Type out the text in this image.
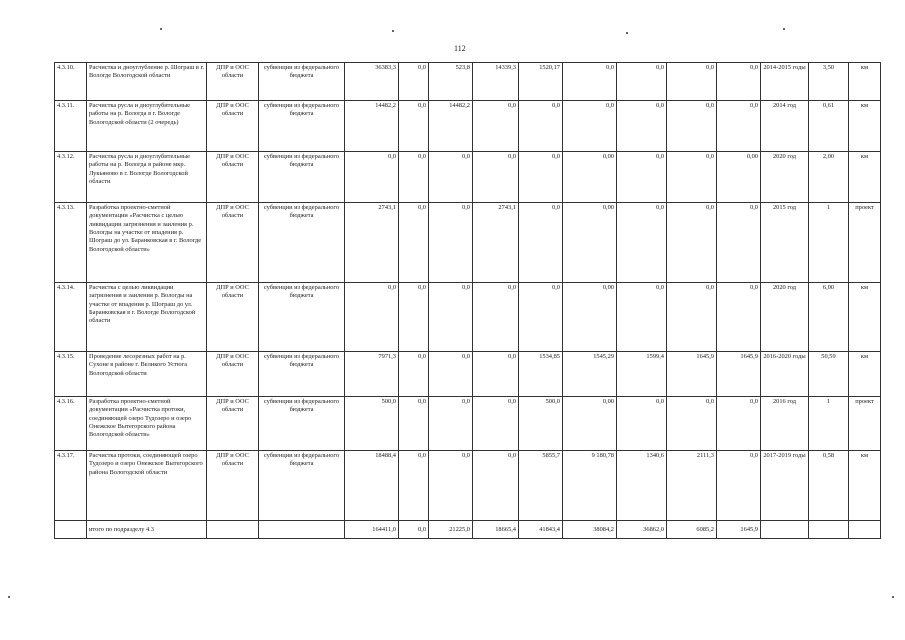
112
4.3.10.	Расчистка и дноуглубление р. Шограш в г. Вологде Вологодской области	ДПР и ООС области	субвенции из федерального бюджета	36383,3	0,0	523,8	14339,3	1520,17	0,0	0,0	0,0	0,0	2014-2015 годы	3,50	км
4.3.11.	Расчистка русла и дноуглубительные работы на р. Вологда в г. Вологде Вологодской области (2 очередь)	ДПР и ООС области	субвенции из федерального бюджета	14482,2	0,0	14482,2	0,0	0,0	0,0	0,0	0,0	0,0	2014 год	0,61	км
4.3.12.	Расчистка русла и дноуглубительные работы на р. Вологда в районе мкр. Лукьяново в г. Вологде Вологодской области	ДПР и ООС области	субвенции из федерального бюджета	0,0	0,0	0,0	0,0	0,0	0,00	0,0	0,0	0,00	2020 год	2,00	км
4.3.13.	Разработка проектно-сметной документации «Расчистка с целью ликвидации загрязнения и заиления р. Вологды на участке от впадения р. Шограш до ул. Баранковская в г. Вологде Вологодской области»	ДПР и ООС области	субвенции из федерального бюджета	2743,1	0,0	0,0	2743,1	0,0	0,00	0,0	0,0	0,0	2015 год	1	проект
4.3.14.	Расчистка с целью ликвидации загрязнения и заиления р. Вологды на участке от впадения р. Шограш до ул. Баранковская в г. Вологде Вологодской области	ДПР и ООС области	субвенции из федерального бюджета	0,0	0,0	0,0	0,0	0,0	0,00	0,0	0,0	0,0	2020 год	6,00	км
4.3.15.	Проведение лесорезных работ на р. Сухоне в районе г. Великого Устюга Вологодской области	ДПР и ООС области	субвенции из федерального бюджета	7971,3	0,0	0,0	0,0	1534,85	1545,29	1599,4	1645,9	1645,9	2016-2020 годы	50,59	км
4.3.16.	Разработка проектно-сметной документации «Расчистка протоки, соединяющей озеро Тудозеро и озеро Онежское Вытегорского района Вологодской области»	ДПР и ООС области	субвенции из федерального бюджета	500,0	0,0	0,0	0,0	500,0	0,00	0,0	0,0	0,0	2016 год	1	проект
4.3.17.	Расчистка протоки, соединяющей озеро Тудозеро и озеро Онежское Вытегорского района Вологодской области	ДПР и ООС области	субвенции из федерального бюджета	18488,4	0,0	0,0	0,0	5855,7	9 180,78	1340,6	2111,3	0,0	2017-2019 годы	0,58	км
	итого по подразделу 4.3			164411,0	0,0	21225,0	18665,4	41843,4	38084,2	36862,0	6085,2	1645,9			
